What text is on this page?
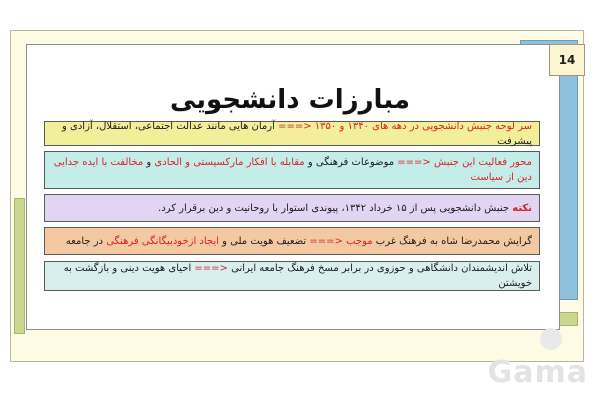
14
مبارزات دانشجویی
سر لوحه جنبش دانشجویی در دهه های ۱۳۴۰ و ۱۳۵۰ <=== آرمان هایی مانند عدالت اجتماعی، استقلال، آزادی و پیشرفت
محور فعالیت این جنبش <=== موضوعات فرهنگی و مقابله با افکار مارکسیستی و الحادی و مخالفت با ایده جدایی دین از سیاست
نکته جنبش دانشجویی پس از ۱۵ خرداد ۱۳۴۲، پیوندی استوار با روحانیت و دین برقرار کرد.
گرایش محمدرضا شاه به فرهنگ غرب موجب <=== تضعیف هویت ملی و ایجاد ازخودبیگانگی فرهنگی در جامعه
تلاش اندیشمندان دانشگاهی و حوزوی در برابر مسخ فرهنگ جامعه ایرانی <=== احیای هویت دینی و بازگشت به خویشتن
Gama
